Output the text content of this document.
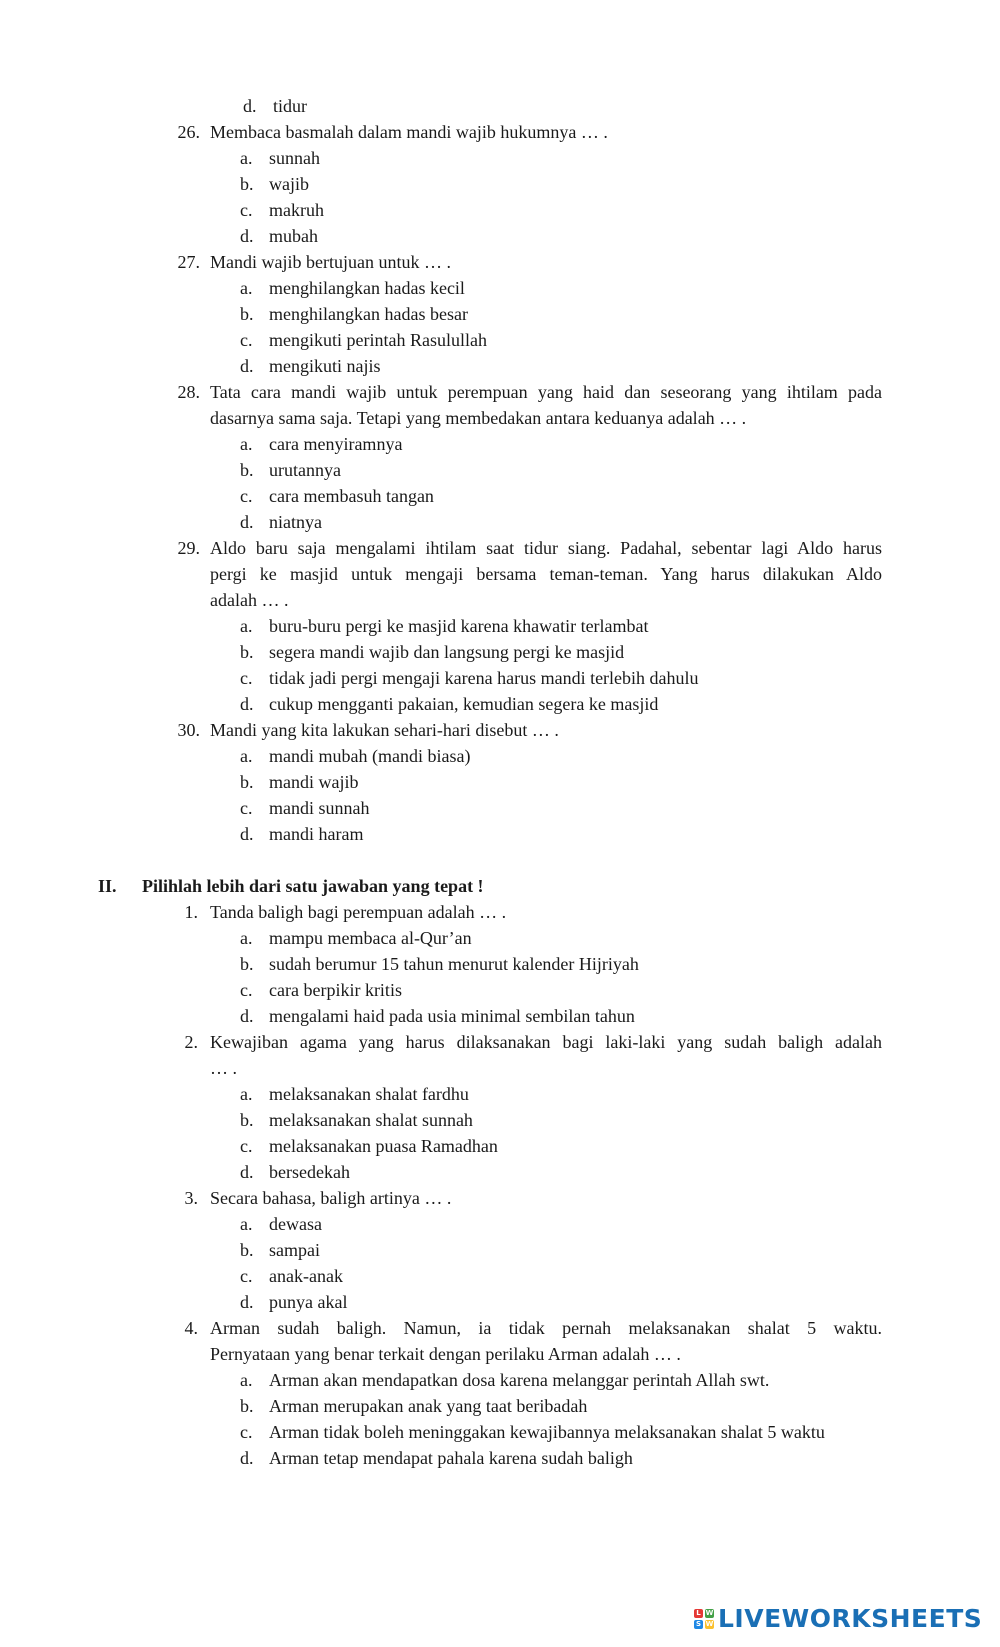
d. tidur
26. Membaca basmalah dalam mandi wajib hukumnya … .
a. sunnah
b. wajib
c. makruh
d. mubah
27. Mandi wajib bertujuan untuk … .
a. menghilangkan hadas kecil
b. menghilangkan hadas besar
c. mengikuti perintah Rasulullah
d. mengikuti najis
28. Tata cara mandi wajib untuk perempuan yang haid dan seseorang yang ihtilam pada
dasarnya sama saja. Tetapi yang membedakan antara keduanya adalah … .
a. cara menyiramnya
b. urutannya
c. cara membasuh tangan
d. niatnya
29. Aldo baru saja mengalami ihtilam saat tidur siang. Padahal, sebentar lagi Aldo harus
pergi ke masjid untuk mengaji bersama teman-teman. Yang harus dilakukan Aldo
adalah … .
a. buru-buru pergi ke masjid karena khawatir terlambat
b. segera mandi wajib dan langsung pergi ke masjid
c. tidak jadi pergi mengaji karena harus mandi terlebih dahulu
d. cukup mengganti pakaian, kemudian segera ke masjid
30. Mandi yang kita lakukan sehari-hari disebut … .
a. mandi mubah (mandi biasa)
b. mandi wajib
c. mandi sunnah
d. mandi haram
II. Pilihlah lebih dari satu jawaban yang tepat !
1. Tanda baligh bagi perempuan adalah … .
a. mampu membaca al-Qur’an
b. sudah berumur 15 tahun menurut kalender Hijriyah
c. cara berpikir kritis
d. mengalami haid pada usia minimal sembilan tahun
2. Kewajiban agama yang harus dilaksanakan bagi laki-laki yang sudah baligh adalah
… .
a. melaksanakan shalat fardhu
b. melaksanakan shalat sunnah
c. melaksanakan puasa Ramadhan
d. bersedekah
3. Secara bahasa, baligh artinya … .
a. dewasa
b. sampai
c. anak-anak
d. punya akal
4. Arman sudah baligh. Namun, ia tidak pernah melaksanakan shalat 5 waktu.
Pernyataan yang benar terkait dengan perilaku Arman adalah … .
a. Arman akan mendapatkan dosa karena melanggar perintah Allah swt.
b. Arman merupakan anak yang taat beribadah
c. Arman tidak boleh meninggakan kewajibannya melaksanakan shalat 5 waktu
d. Arman tetap mendapat pahala karena sudah baligh
L W
S W LIVEWORKSHEETS
